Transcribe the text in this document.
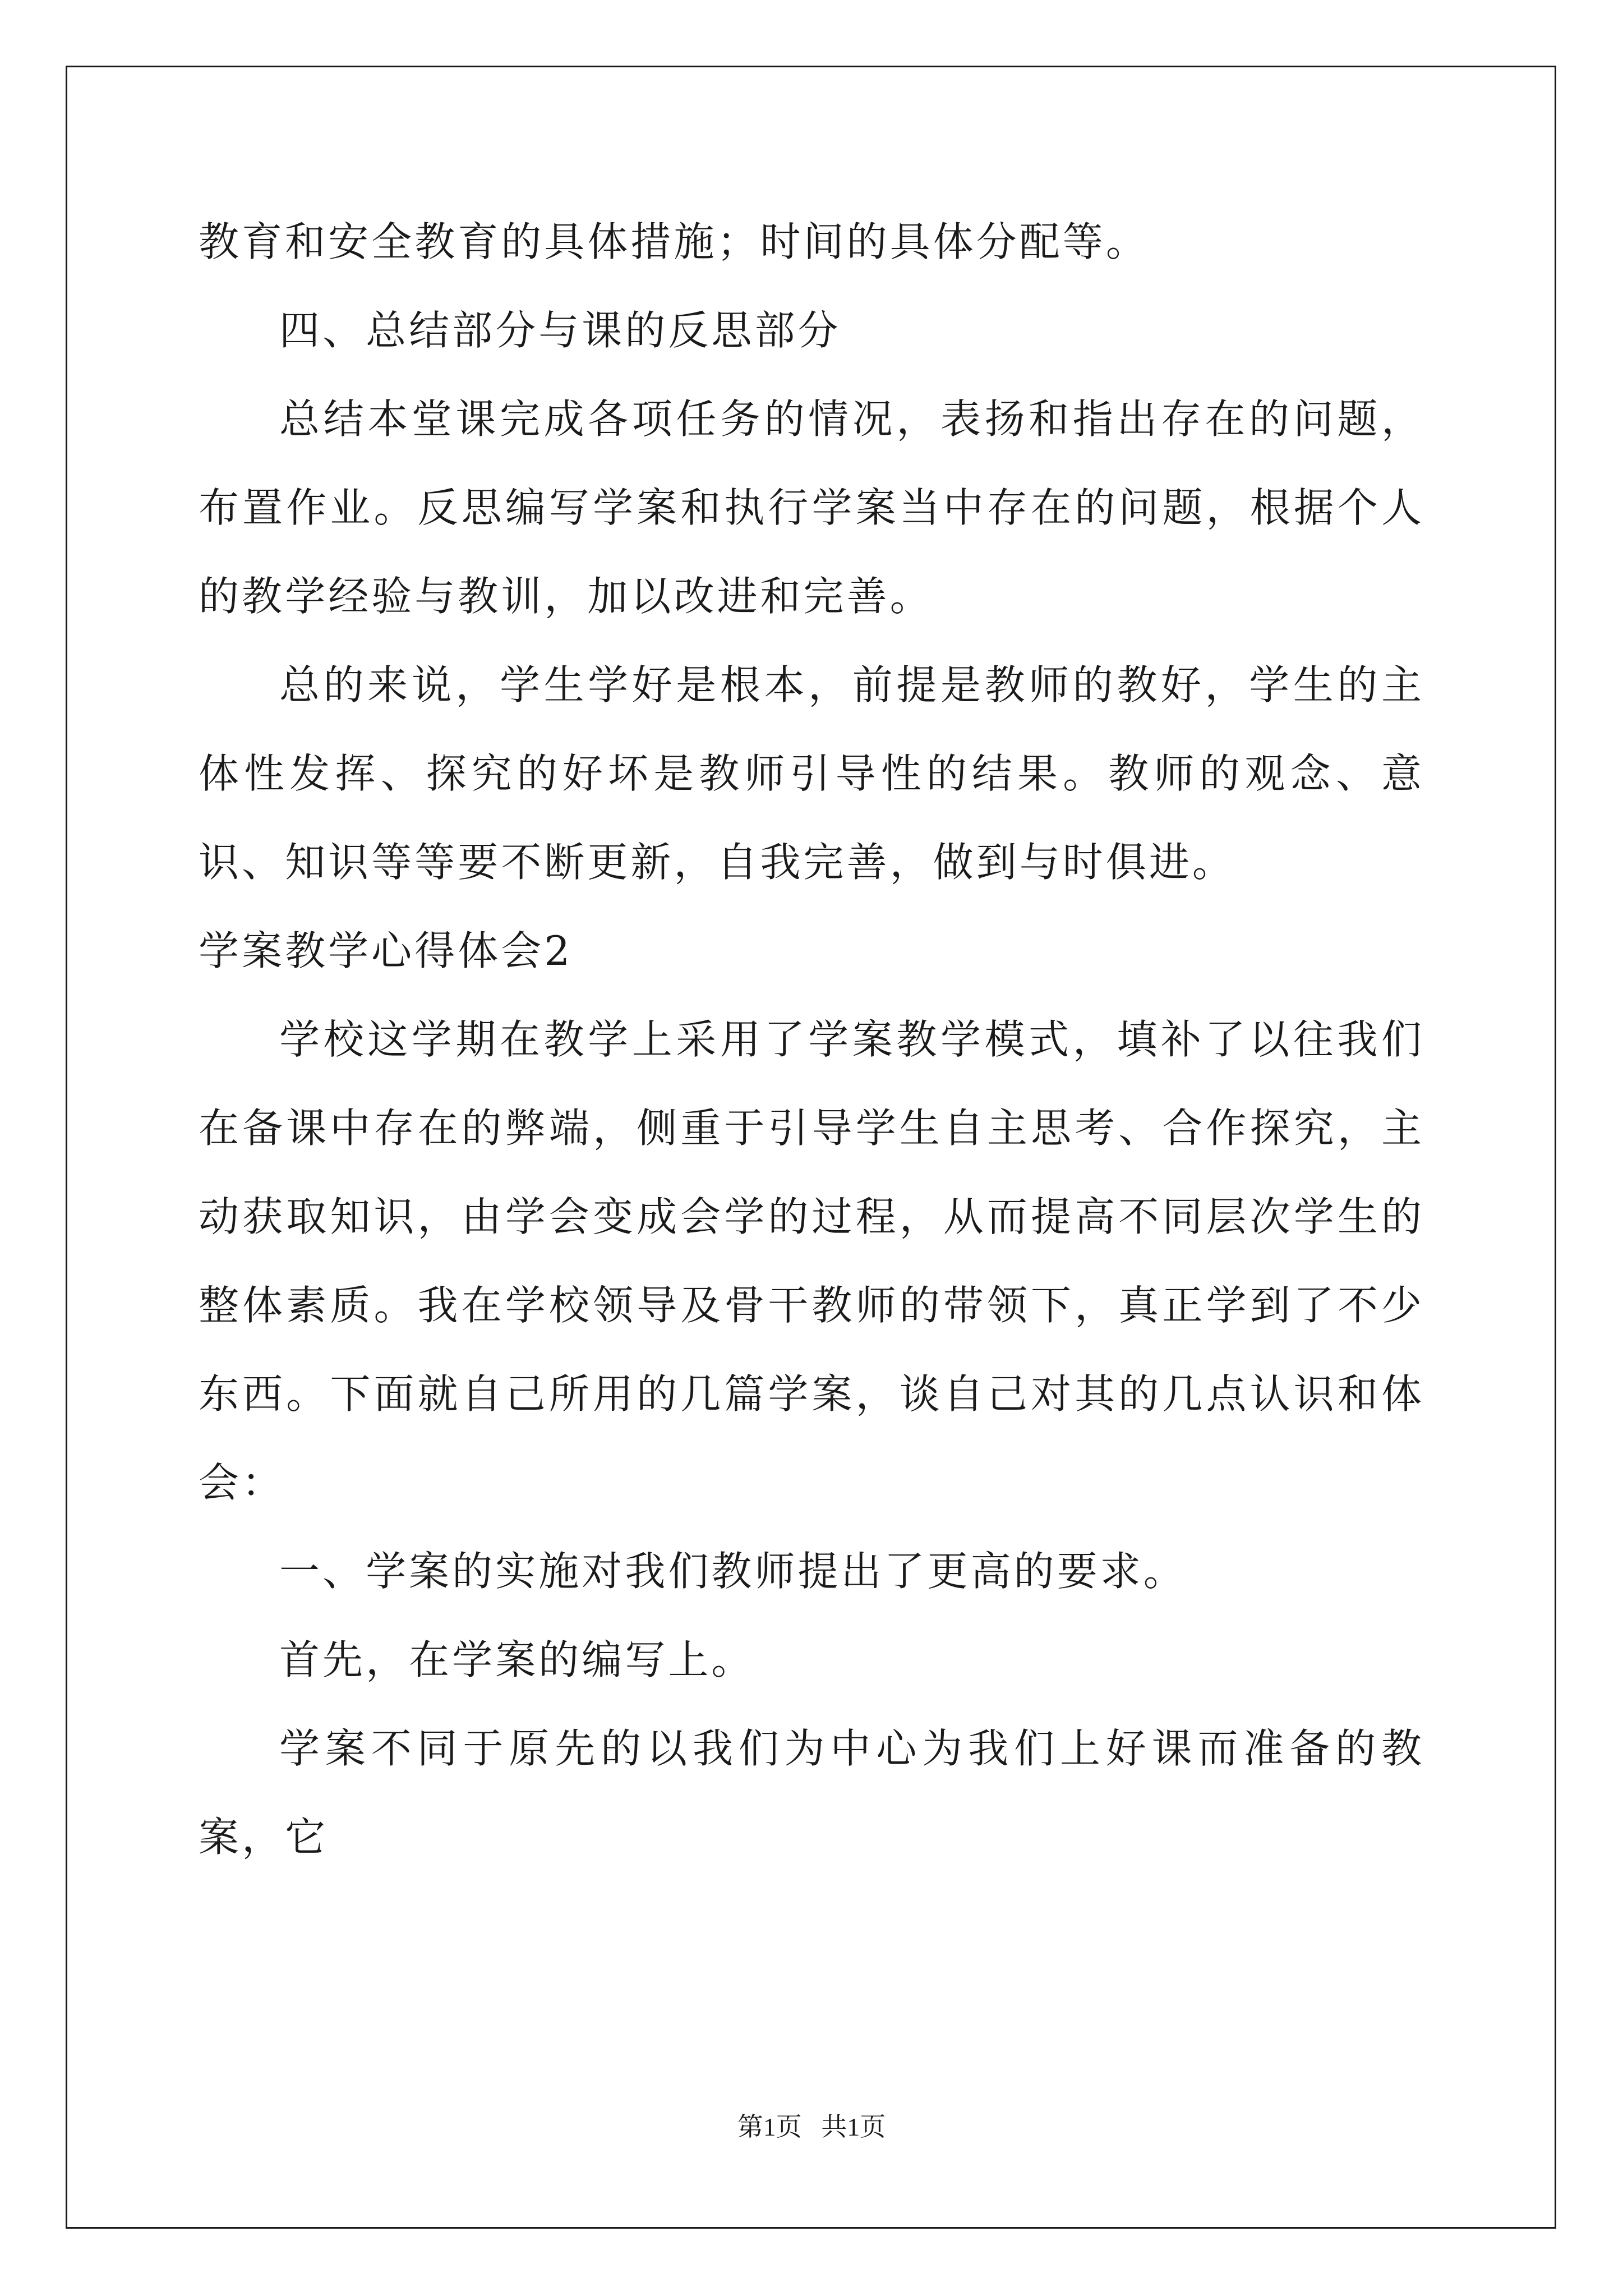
教育和安全教育的具体措施；时间的具体分配等。

四、总结部分与课的反思部分

总结本堂课完成各项任务的情况，表扬和指出存在的问题，布置作业。反思编写学案和执行学案当中存在的问题，根据个人的教学经验与教训，加以改进和完善。

总的来说，学生学好是根本，前提是教师的教好，学生的主体性发挥、探究的好坏是教师引导性的结果。教师的观念、意识、知识等等要不断更新，自我完善，做到与时俱进。

学案教学心得体会2

学校这学期在教学上采用了学案教学模式，填补了以往我们在备课中存在的弊端，侧重于引导学生自主思考、合作探究，主动获取知识，由学会变成会学的过程，从而提高不同层次学生的整体素质。我在学校领导及骨干教师的带领下，真正学到了不少东西。下面就自己所用的几篇学案，谈自己对其的几点认识和体会：

一、学案的实施对我们教师提出了更高的要求。

首先，在学案的编写上。

学案不同于原先的以我们为中心为我们上好课而准备的教案，它

第1页   共1页
